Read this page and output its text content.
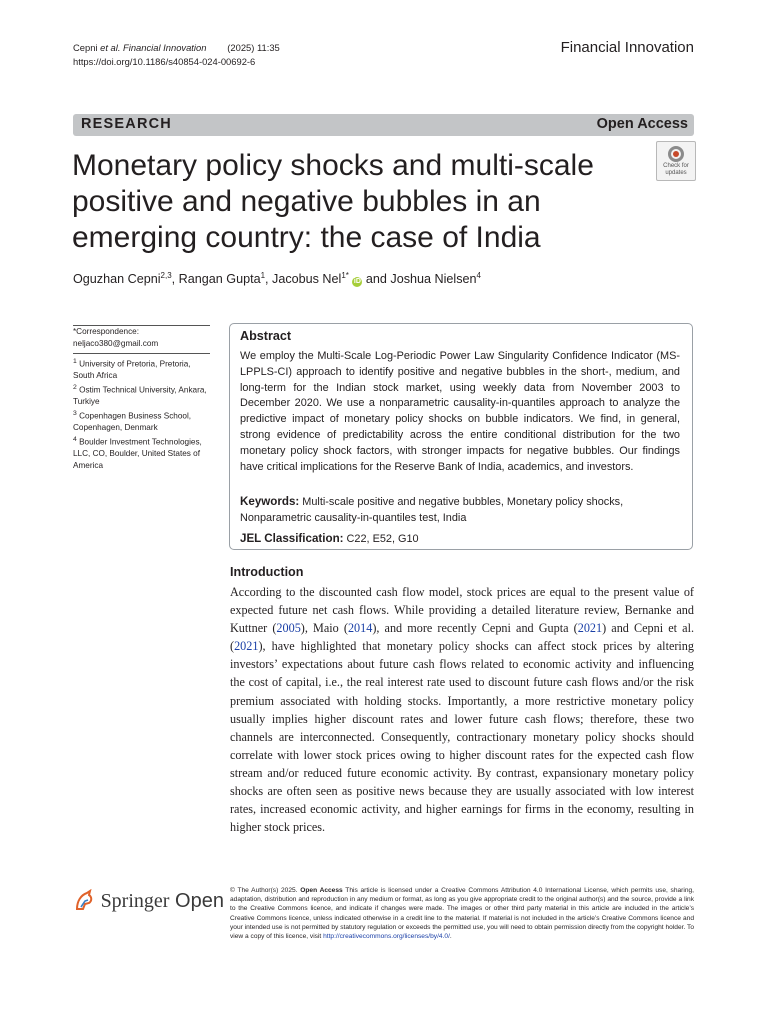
Cepni et al. Financial Innovation (2025) 11:35
https://doi.org/10.1186/s40854-024-00692-6
Financial Innovation
RESEARCH	Open Access
Monetary policy shocks and multi-scale positive and negative bubbles in an emerging country: the case of India
Check for
updates
Oguzhan Cepni$^{2,3}$, Rangan Gupta$^1$, Jacobus Nel$^{1*}$ iD and Joshua Nielsen$^4$
*Correspondence:
neljaco380@gmail.com
$^1$ University of Pretoria, Pretoria, South Africa
$^2$ Ostim Technical University, Ankara, Turkiye
$^3$ Copenhagen Business School, Copenhagen, Denmark
$^4$ Boulder Investment Technologies, LLC, CO, Boulder, United States of America
Abstract
We employ the Multi-Scale Log-Periodic Power Law Singularity Confidence Indicator (MS-LPPLS-CI) approach to identify positive and negative bubbles in the short-, medium, and long-term for the Indian stock market, using weekly data from November 2003 to December 2020. We use a nonparametric causality-in-quantiles approach to analyze the predictive impact of monetary policy shocks on bubble indicators. We find, in general, strong evidence of predictability across the entire conditional distribution for the two monetary policy shock factors, with stronger impacts for negative bubbles. Our findings have critical implications for the Reserve Bank of India, academics, and investors.
Keywords: Multi-scale positive and negative bubbles, Monetary policy shocks, Nonparametric causality-in-quantiles test, India
JEL Classification: C22, E52, G10
Introduction

According to the discounted cash flow model, stock prices are equal to the present value of expected future net cash flows. While providing a detailed literature review, Bernanke and Kuttner (2005), Maio (2014), and more recently Cepni and Gupta (2021) and Cepni et al. (2021), have highlighted that monetary policy shocks can affect stock prices by altering investors’ expectations about future cash flows related to economic activity and influencing the cost of capital, i.e., the real interest rate used to discount future cash flows and/or the risk premium associated with holding stocks. Importantly, a more restrictive monetary policy usually implies higher discount rates and lower future cash flows; therefore, these two channels are interconnected. Consequently, contractionary monetary policy shocks should correlate with lower stock prices owing to higher discount rates for the expected cash flow stream and/or reduced future economic activity. By contrast, expansionary monetary policy shocks are often seen as positive news because they are usually associated with low interest rates, increased economic activity, and higher earnings for firms in the economy, resulting in higher stock prices.

Springer Open © The Author(s) 2025. Open Access This article is licensed under a Creative Commons Attribution 4.0 International License, which permits use, sharing, adaptation, distribution and reproduction in any medium or format, as long as you give appropriate credit to the original author(s) and the source, provide a link to the Creative Commons licence, and indicate if changes were made. The images or other third party material in this article are included in the article’s Creative Commons licence, unless indicated otherwise in a credit line to the material. If material is not included in the article’s Creative Commons licence and your intended use is not permitted by statutory regulation or exceeds the permitted use, you will need to obtain permission directly from the copyright holder. To view a copy of this licence, visit http://creativecommons.org/licenses/by/4.0/.
